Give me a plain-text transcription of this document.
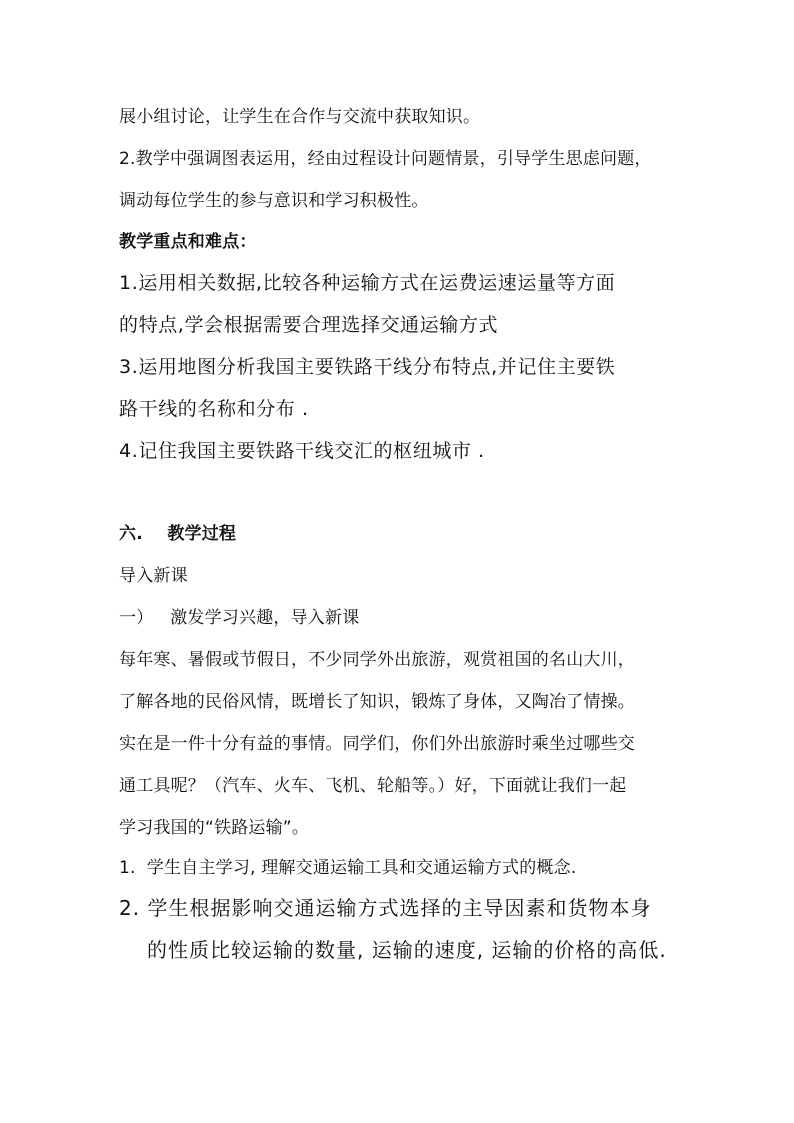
展小组讨论，让学生在合作与交流中获取知识。
2.教学中强调图表运用，经由过程设计问题情景，引导学生思虑问题，
调动每位学生的参与意识和学习积极性。
教学重点和难点：
1.运用相关数据,比较各种运输方式在运费运速运量等方面
的特点,学会根据需要合理选择交通运输方式
3.运用地图分析我国主要铁路干线分布特点,并记住主要铁
路干线的名称和分布 .
4.记住我国主要铁路干线交汇的枢纽城市 .
六.    教学过程
导入新课
一）   激发学习兴趣，导入新课
每年寒、暑假或节假日，不少同学外出旅游，观赏祖国的名山大川，
了解各地的民俗风情，既增长了知识，锻炼了身体，又陶冶了情操。
实在是一件十分有益的事情。同学们，你们外出旅游时乘坐过哪些交
通工具呢？（汽车、火车、飞机、轮船等。）好，下面就让我们一起
学习我国的“铁路运输”。
1.  学生自主学习, 理解交通运输工具和交通运输方式的概念.
2. 学生根据影响交通运输方式选择的主导因素和货物本身
的性质比较运输的数量, 运输的速度, 运输的价格的高低.
